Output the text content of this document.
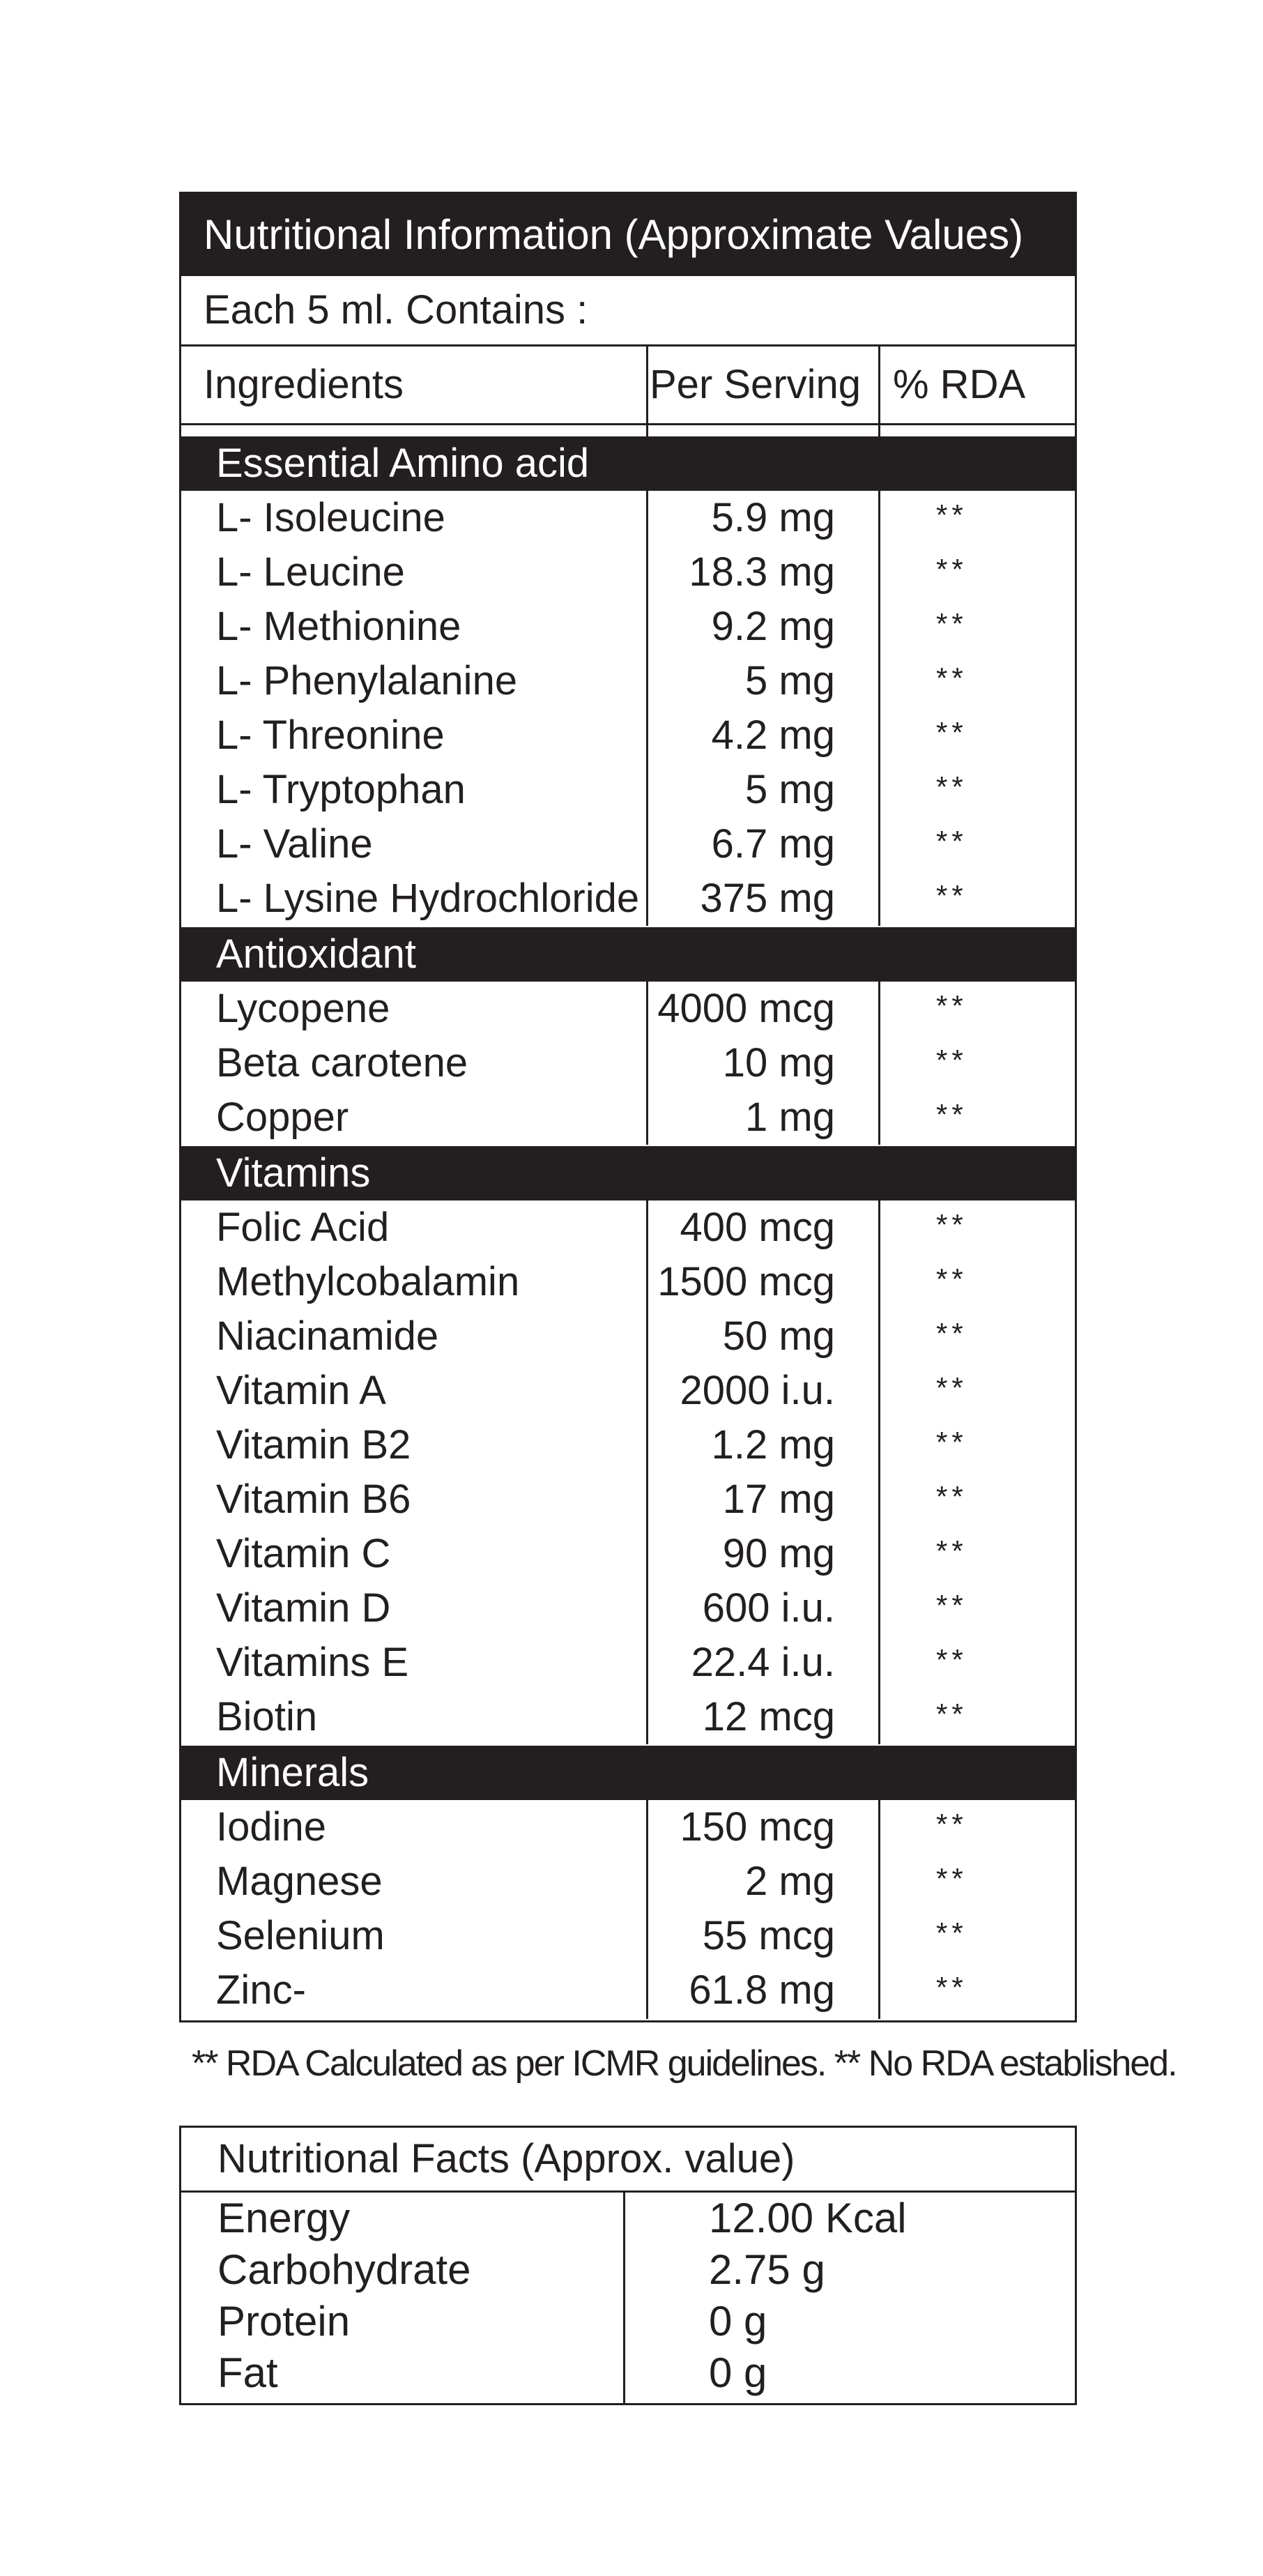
Nutritional Information (Approximate Values)
Each 5 ml. Contains :
Ingredients	Per Serving % RDA
Essential Amino acid
L- Isoleucine	5.9 mg	**
L- Leucine	18.3 mg	**
L- Methionine	9.2 mg	**
L- Phenylalanine	5 mg	**
L- Threonine	4.2 mg	**
L- Tryptophan	5 mg	**
L- Valine	6.7 mg	**
L- Lysine Hydrochloride	375 mg	**
Antioxidant
Lycopene	4000 mcg	**
Beta carotene	10 mg	**
Copper	1 mg	**
Vitamins
Folic Acid	400 mcg	**
Methylcobalamin	1500 mcg	**
Niacinamide	50 mg	**
Vitamin A	2000 i.u.	**
Vitamin B2	1.2 mg	**
Vitamin B6	17 mg	**
Vitamin C	90 mg	**
Vitamin D	600 i.u.	**
Vitamins E	22.4 i.u.	**
Biotin	12 mcg	**
Minerals
Iodine	150 mcg	**
Magnese	2 mg	**
Selenium	55 mcg	**
Zinc-	61.8 mg	**
** RDA Calculated as per ICMR guidelines. ** No RDA established.
Nutritional Facts (Approx. value)
Energy	12.00 Kcal
Carbohydrate	2.75 g
Protein	0 g
Fat	0 g
